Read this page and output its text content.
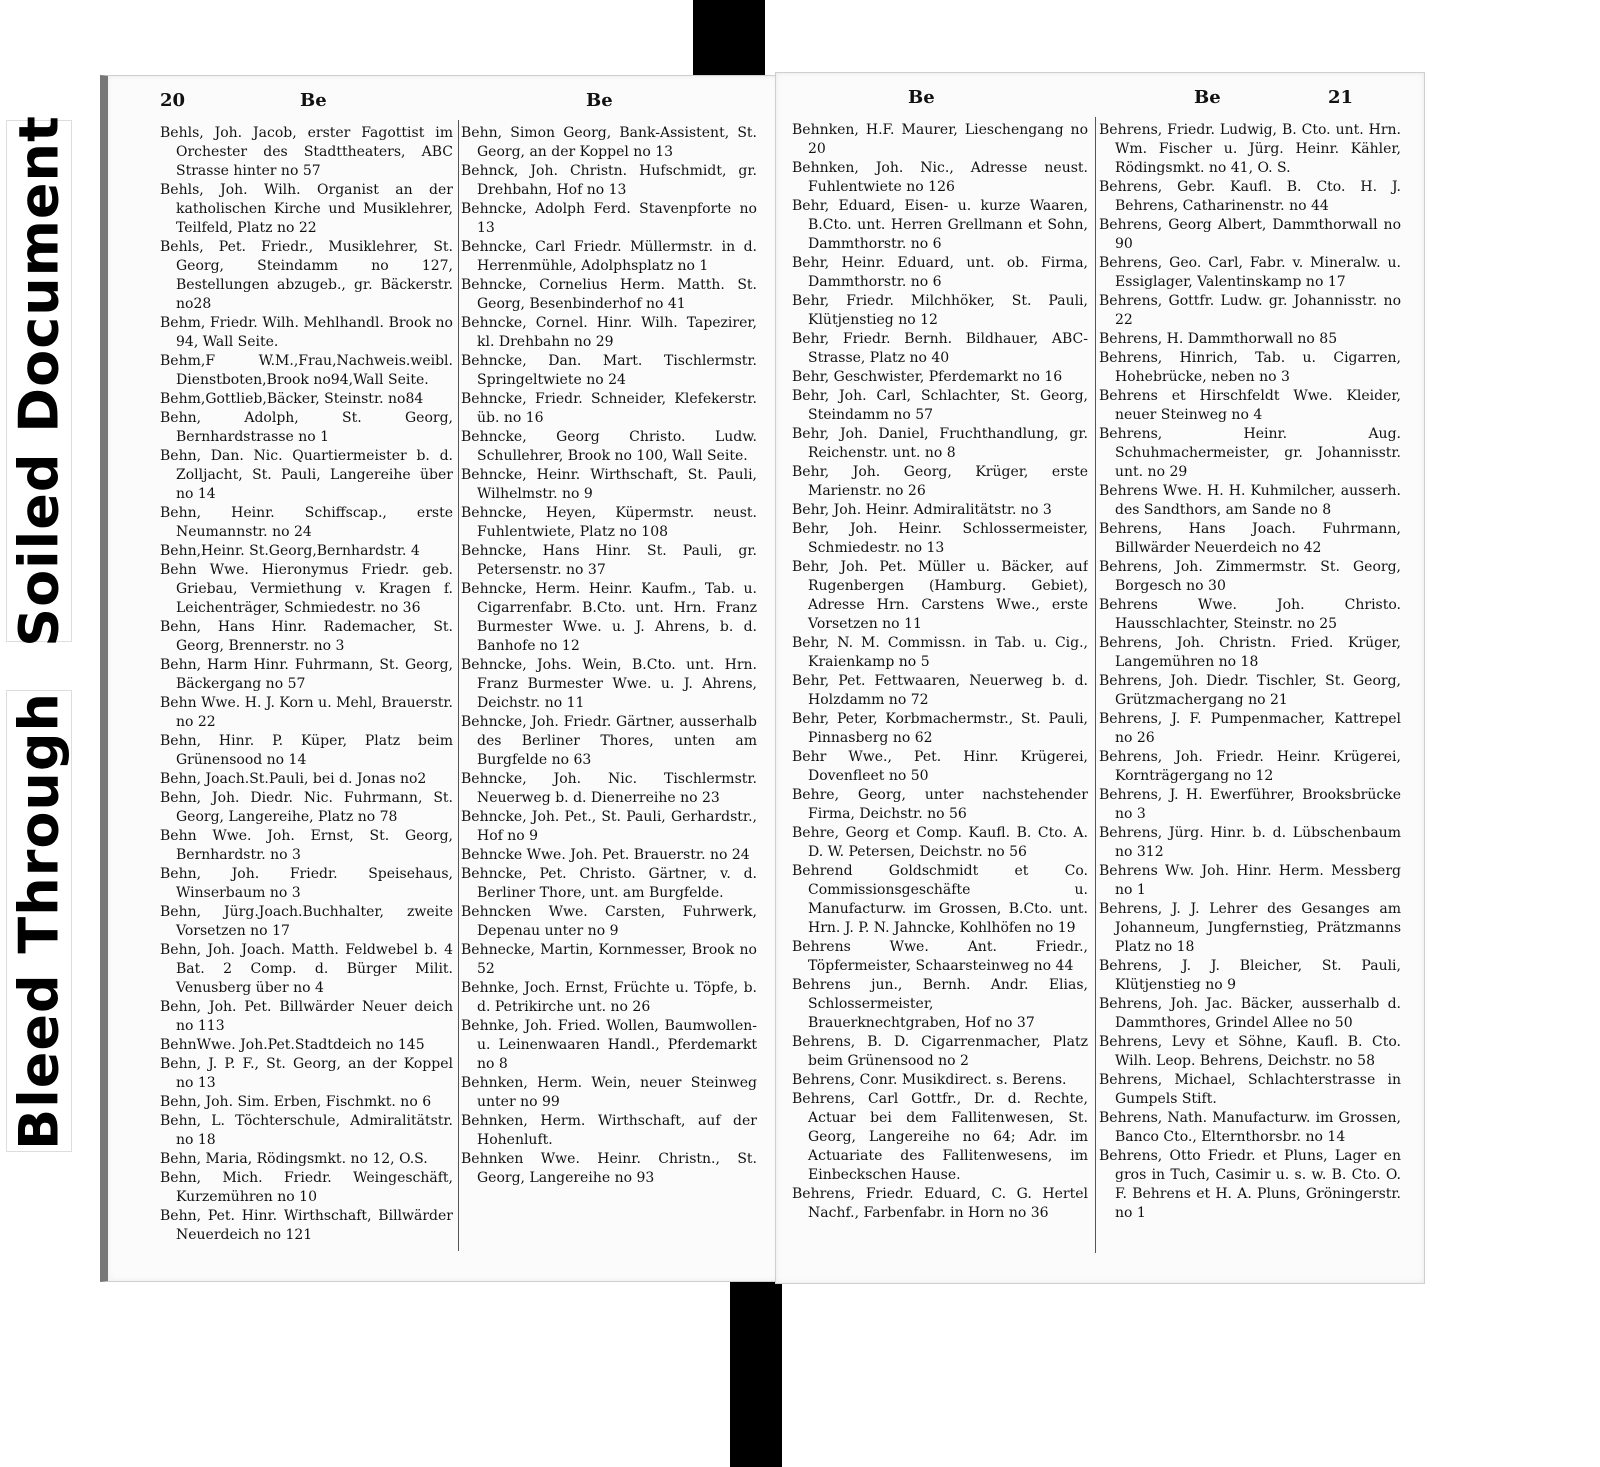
Soiled Document
Bleed Through
20	Be	Be
Behls, Joh. Jacob, erster Fagottist im Orchester des Stadttheaters, ABC Strasse hinter no 57
Behls, Joh. Wilh. Organist an der katholischen Kirche und Musiklehrer, Teilfeld, Platz no 22
Behls, Pet. Friedr., Musiklehrer, St. Georg, Steindamm no 127, Bestellungen abzugeb., gr. Bäckerstr. no28
Behm, Friedr. Wilh. Mehlhandl. Brook no 94, Wall Seite.
Behm,F W.M.,Frau,Nachweis.weibl. Dienstboten,Brook no94,Wall Seite.
Behm,Gottlieb,Bäcker, Steinstr. no84
Behn, Adolph, St. Georg, Bernhardstrasse no 1
Behn, Dan. Nic. Quartiermeister b. d. Zolljacht, St. Pauli, Langereihe über no 14
Behn, Heinr. Schiffscap., erste Neumannstr. no 24
Behn,Heinr. St.Georg,Bernhardstr. 4
Behn Wwe. Hieronymus Friedr. geb. Griebau, Vermiethung v. Kragen f. Leichenträger, Schmiedestr. no 36
Behn, Hans Hinr. Rademacher, St. Georg, Brennerstr. no 3
Behn, Harm Hinr. Fuhrmann, St. Georg, Bäckergang no 57
Behn Wwe. H. J. Korn u. Mehl, Brauerstr. no 22
Behn, Hinr. P. Küper, Platz beim Grünensood no 14
Behn, Joach.St.Pauli, bei d. Jonas no2
Behn, Joh. Diedr. Nic. Fuhrmann, St. Georg, Langereihe, Platz no 78
Behn Wwe. Joh. Ernst, St. Georg, Bernhardstr. no 3
Behn, Joh. Friedr. Speisehaus, Winserbaum no 3
Behn, Jürg.Joach.Buchhalter, zweite Vorsetzen no 17
Behn, Joh. Joach. Matth. Feldwebel b. 4 Bat. 2 Comp. d. Bürger Milit. Venusberg über no 4
Behn, Joh. Pet. Billwärder Neuer deich no 113
BehnWwe. Joh.Pet.Stadtdeich no 145
Behn, J. P. F., St. Georg, an der Koppel no 13
Behn, Joh. Sim. Erben, Fischmkt. no 6
Behn, L. Töchterschule, Admiralitätstr. no 18
Behn, Maria, Rödingsmkt. no 12, O.S.
Behn, Mich. Friedr. Weingeschäft, Kurzemühren no 10
Behn, Pet. Hinr. Wirthschaft, Billwärder Neuerdeich no 121
Behn, Simon Georg, Bank-Assistent, St. Georg, an der Koppel no 13
Behnck, Joh. Christn. Hufschmidt, gr. Drehbahn, Hof no 13
Behncke, Adolph Ferd. Stavenpforte no 13
Behncke, Carl Friedr. Müllermstr. in d. Herrenmühle, Adolphsplatz no 1
Behncke, Cornelius Herm. Matth. St. Georg, Besenbinderhof no 41
Behncke, Cornel. Hinr. Wilh. Tapezirer, kl. Drehbahn no 29
Behncke, Dan. Mart. Tischlermstr. Springeltwiete no 24
Behncke, Friedr. Schneider, Klefekerstr. üb. no 16
Behncke, Georg Christo. Ludw. Schullehrer, Brook no 100, Wall Seite.
Behncke, Heinr. Wirthschaft, St. Pauli, Wilhelmstr. no 9
Behncke, Heyen, Küpermstr. neust. Fuhlentwiete, Platz no 108
Behncke, Hans Hinr. St. Pauli, gr. Petersenstr. no 37
Behncke, Herm. Heinr. Kaufm., Tab. u. Cigarrenfabr. B.Cto. unt. Hrn. Franz Burmester Wwe. u. J. Ahrens, b. d. Banhofe no 12
Behncke, Johs. Wein, B.Cto. unt. Hrn. Franz Burmester Wwe. u. J. Ahrens, Deichstr. no 11
Behncke, Joh. Friedr. Gärtner, ausserhalb des Berliner Thores, unten am Burgfelde no 63
Behncke, Joh. Nic. Tischlermstr. Neuerweg b. d. Dienerreihe no 23
Behncke, Joh. Pet., St. Pauli, Gerhardstr., Hof no 9
Behncke Wwe. Joh. Pet. Brauerstr. no 24
Behncke, Pet. Christo. Gärtner, v. d. Berliner Thore, unt. am Burgfelde.
Behncken Wwe. Carsten, Fuhrwerk, Depenau unter no 9
Behnecke, Martin, Kornmesser, Brook no 52
Behnke, Joch. Ernst, Früchte u. Töpfe, b. d. Petrikirche unt. no 26
Behnke, Joh. Fried. Wollen, Baumwollen- u. Leinenwaaren Handl., Pferdemarkt no 8
Behnken, Herm. Wein, neuer Steinweg unter no 99
Behnken, Herm. Wirthschaft, auf der Hohenluft.
Behnken Wwe. Heinr. Christn., St. Georg, Langereihe no 93
Be	Be	21
Behnken, H.F. Maurer, Lieschengang no 20
Behnken, Joh. Nic., Adresse neust. Fuhlentwiete no 126
Behr, Eduard, Eisen- u. kurze Waaren, B.Cto. unt. Herren Grellmann et Sohn, Dammthorstr. no 6
Behr, Heinr. Eduard, unt. ob. Firma, Dammthorstr. no 6
Behr, Friedr. Milchhöker, St. Pauli, Klütjenstieg no 12
Behr, Friedr. Bernh. Bildhauer, ABC-Strasse, Platz no 40
Behr, Geschwister, Pferdemarkt no 16
Behr, Joh. Carl, Schlachter, St. Georg, Steindamm no 57
Behr, Joh. Daniel, Fruchthandlung, gr. Reichenstr. unt. no 8
Behr, Joh. Georg, Krüger, erste Marienstr. no 26
Behr, Joh. Heinr. Admiralitätstr. no 3
Behr, Joh. Heinr. Schlossermeister, Schmiedestr. no 13
Behr, Joh. Pet. Müller u. Bäcker, auf Rugenbergen (Hamburg. Gebiet), Adresse Hrn. Carstens Wwe., erste Vorsetzen no 11
Behr, N. M. Commissn. in Tab. u. Cig., Kraienkamp no 5
Behr, Pet. Fettwaaren, Neuerweg b. d. Holzdamm no 72
Behr, Peter, Korbmachermstr., St. Pauli, Pinnasberg no 62
Behr Wwe., Pet. Hinr. Krügerei, Dovenfleet no 50
Behre, Georg, unter nachstehender Firma, Deichstr. no 56
Behre, Georg et Comp. Kaufl. B. Cto. A. D. W. Petersen, Deichstr. no 56
Behrend Goldschmidt et Co. Commissionsgeschäfte u. Manufacturw. im Grossen, B.Cto. unt. Hrn. J. P. N. Jahncke, Kohlhöfen no 19
Behrens Wwe. Ant. Friedr., Töpfermeister, Schaarsteinweg no 44
Behrens jun., Bernh. Andr. Elias, Schlossermeister, Brauerknechtgraben, Hof no 37
Behrens, B. D. Cigarrenmacher, Platz beim Grünensood no 2
Behrens, Conr. Musikdirect. s. Berens.
Behrens, Carl Gottfr., Dr. d. Rechte, Actuar bei dem Fallitenwesen, St. Georg, Langereihe no 64; Adr. im Actuariate des Fallitenwesens, im Einbeckschen Hause.
Behrens, Friedr. Eduard, C. G. Hertel Nachf., Farbenfabr. in Horn no 36
Behrens, Friedr. Ludwig, B. Cto. unt. Hrn. Wm. Fischer u. Jürg. Heinr. Kähler, Rödingsmkt. no 41, O. S.
Behrens, Gebr. Kaufl. B. Cto. H. J. Behrens, Catharinenstr. no 44
Behrens, Georg Albert, Dammthorwall no 90
Behrens, Geo. Carl, Fabr. v. Mineralw. u. Essiglager, Valentinskamp no 17
Behrens, Gottfr. Ludw. gr. Johannisstr. no 22
Behrens, H. Dammthorwall no 85
Behrens, Hinrich, Tab. u. Cigarren, Hohebrücke, neben no 3
Behrens et Hirschfeldt Wwe. Kleider, neuer Steinweg no 4
Behrens, Heinr. Aug. Schuhmachermeister, gr. Johannisstr. unt. no 29
Behrens Wwe. H. H. Kuhmilcher, ausserh. des Sandthors, am Sande no 8
Behrens, Hans Joach. Fuhrmann, Billwärder Neuerdeich no 42
Behrens, Joh. Zimmermstr. St. Georg, Borgesch no 30
Behrens Wwe. Joh. Christo. Hausschlachter, Steinstr. no 25
Behrens, Joh. Christn. Fried. Krüger, Langemühren no 18
Behrens, Joh. Diedr. Tischler, St. Georg, Grützmachergang no 21
Behrens, J. F. Pumpenmacher, Kattrepel no 26
Behrens, Joh. Friedr. Heinr. Krügerei, Kornträgergang no 12
Behrens, J. H. Ewerführer, Brooksbrücke no 3
Behrens, Jürg. Hinr. b. d. Lübschenbaum no 312
Behrens Ww. Joh. Hinr. Herm. Messberg no 1
Behrens, J. J. Lehrer des Gesanges am Johanneum, Jungfernstieg, Prätzmanns Platz no 18
Behrens, J. J. Bleicher, St. Pauli, Klütjenstieg no 9
Behrens, Joh. Jac. Bäcker, ausserhalb d. Dammthores, Grindel Allee no 50
Behrens, Levy et Söhne, Kaufl. B. Cto. Wilh. Leop. Behrens, Deichstr. no 58
Behrens, Michael, Schlachterstrasse in Gumpels Stift.
Behrens, Nath. Manufacturw. im Grossen, Banco Cto., Elternthorsbr. no 14
Behrens, Otto Friedr. et Pluns, Lager en gros in Tuch, Casimir u. s. w. B. Cto. O. F. Behrens et H. A. Pluns, Gröningerstr. no 1
